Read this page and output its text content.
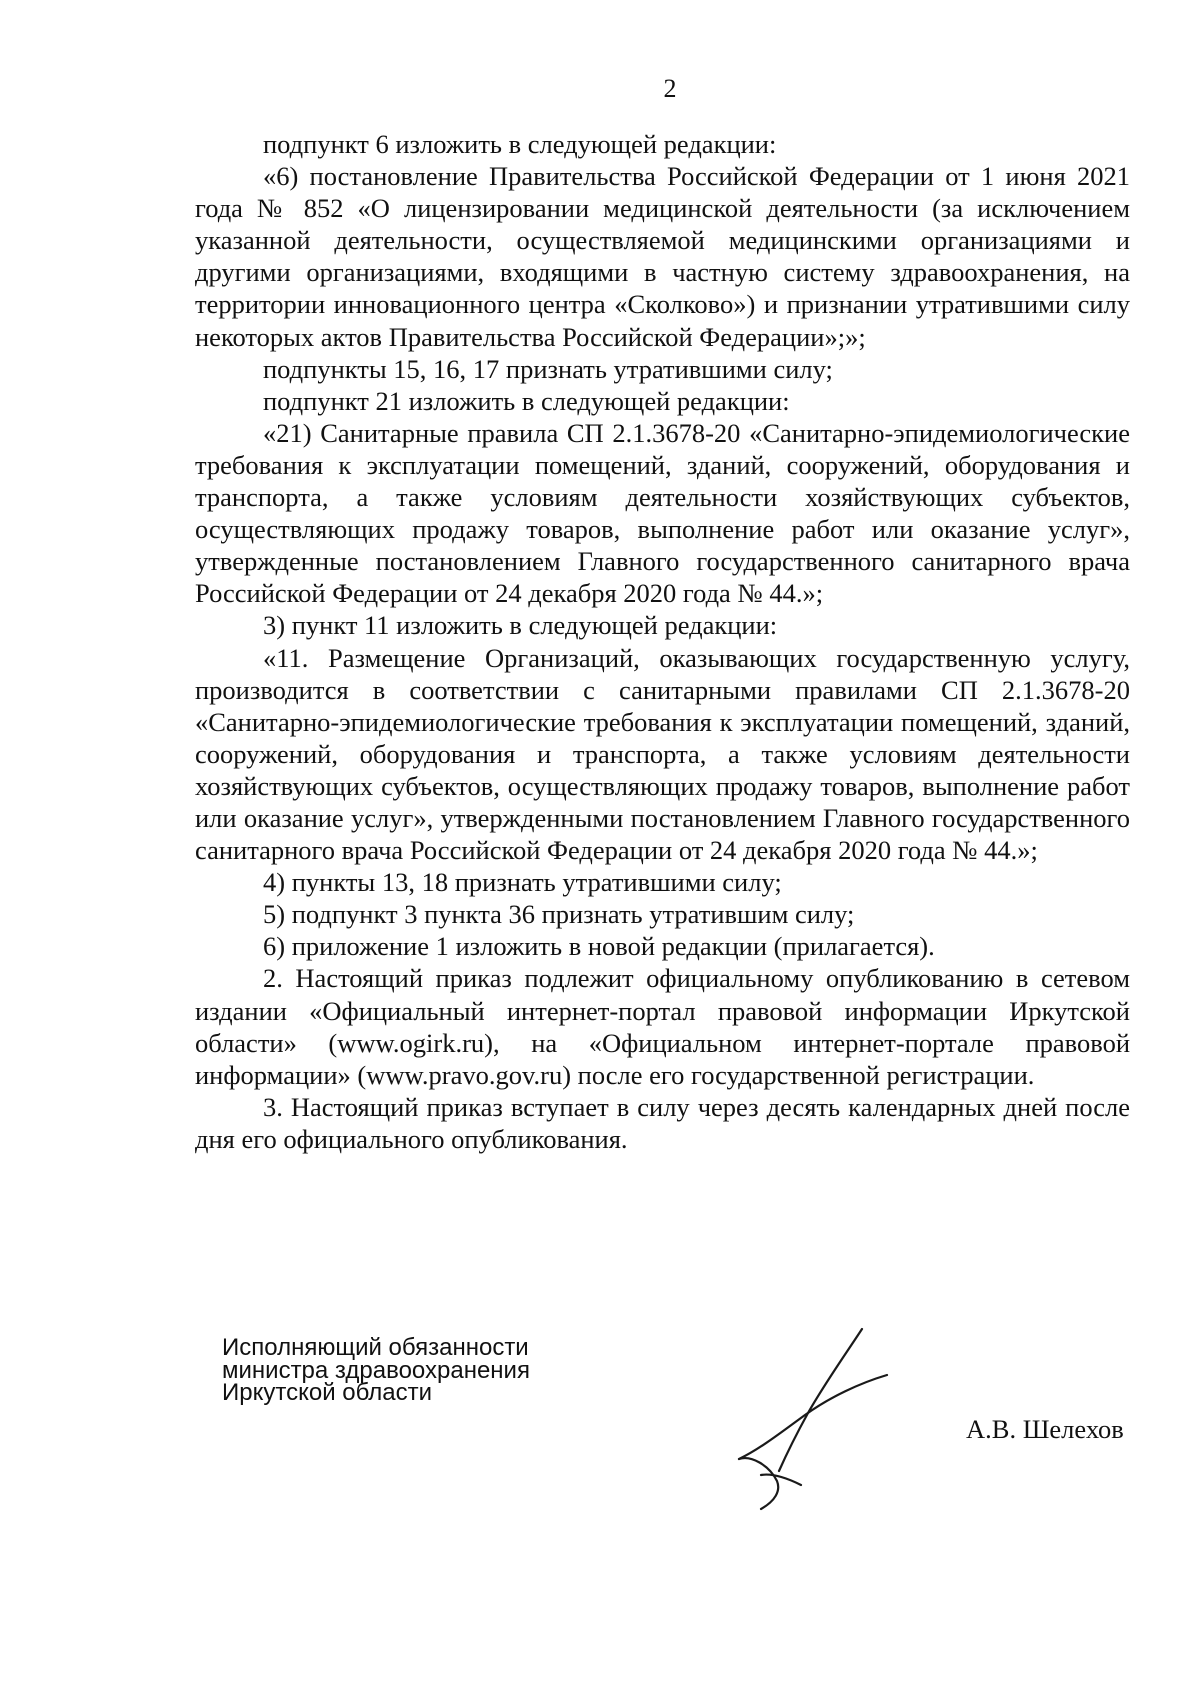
2

подпункт 6 изложить в следующей редакции:

«6) постановление Правительства Российской Федерации от 1 июня 2021 года № 852 «О лицензировании медицинской деятельности (за исключением указанной деятельности, осуществляемой медицинскими организациями и другими организациями, входящими в частную систему здравоохранения, на территории инновационного центра «Сколково») и признании утратившими силу некоторых актов Правительства Российской Федерации»;»;

подпункты 15, 16, 17 признать утратившими силу;

подпункт 21 изложить в следующей редакции:

«21) Санитарные правила СП 2.1.3678-20 «Санитарно-эпидемиологические требования к эксплуатации помещений, зданий, сооружений, оборудования и транспорта, а также условиям деятельности хозяйствующих субъектов, осуществляющих продажу товаров, выполнение работ или оказание услуг», утвержденные постановлением Главного государственного санитарного врача Российской Федерации от 24 декабря 2020 года № 44.»;

3) пункт 11 изложить в следующей редакции:

«11. Размещение Организаций, оказывающих государственную услугу, производится в соответствии с санитарными правилами СП 2.1.3678-20 «Санитарно-эпидемиологические требования к эксплуатации помещений, зданий, сооружений, оборудования и транспорта, а также условиям деятельности хозяйствующих субъектов, осуществляющих продажу товаров, выполнение работ или оказание услуг», утвержденными постановлением Главного государственного санитарного врача Российской Федерации от 24 декабря 2020 года № 44.»;

4) пункты 13, 18 признать утратившими силу;

5) подпункт 3 пункта 36 признать утратившим силу;

6) приложение 1 изложить в новой редакции (прилагается).

2. Настоящий приказ подлежит официальному опубликованию в сетевом издании «Официальный интернет-портал правовой информации Иркутской области» (www.ogirk.ru), на «Официальном интернет-портале правовой информации» (www.pravo.gov.ru) после его государственной регистрации.

3. Настоящий приказ вступает в силу через десять календарных дней после дня его официального опубликования.

Исполняющий обязанности
министра здравоохранения
Иркутской области
А.В. Шелехов
